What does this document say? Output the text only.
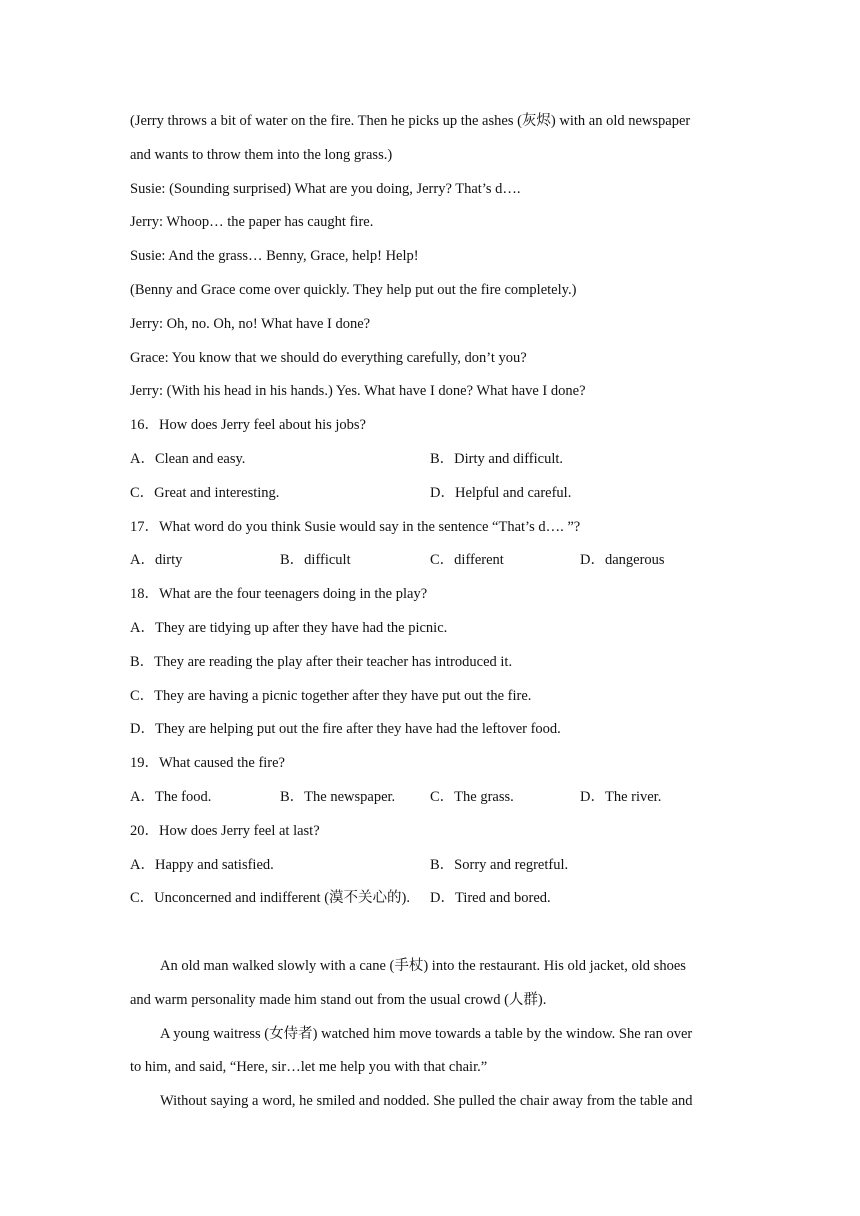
(Jerry throws a bit of water on the fire. Then he picks up the ashes (灰烬) with an old newspaper
and wants to throw them into the long grass.)
Susie: (Sounding surprised) What are you doing, Jerry? That’s d….
Jerry: Whoop… the paper has caught fire.
Susie: And the grass… Benny, Grace, help! Help!
(Benny and Grace come over quickly. They help put out the fire completely.)
Jerry: Oh, no. Oh, no! What have I done?
Grace: You know that we should do everything carefully, don’t you?
Jerry: (With his head in his hands.) Yes. What have I done? What have I done?
16．How does Jerry feel about his jobs?
A．Clean and easy.	B．Dirty and difficult.
C．Great and interesting.	D．Helpful and careful.
17．What word do you think Susie would say in the sentence “That’s d…. ”?
A．dirty	B．difficult	C．different	D．dangerous
18．What are the four teenagers doing in the play?
A．They are tidying up after they have had the picnic.
B．They are reading the play after their teacher has introduced it.
C．They are having a picnic together after they have put out the fire.
D．They are helping put out the fire after they have had the leftover food.
19．What caused the fire?
A．The food.	B．The newspaper.	C．The grass.	D．The river.
20．How does Jerry feel at last?
A．Happy and satisfied.	B．Sorry and regretful.
C．Unconcerned and indifferent (漠不关心的).	D．Tired and bored.
An old man walked slowly with a cane (手杖) into the restaurant. His old jacket, old shoes
and warm personality made him stand out from the usual crowd (人群).
A young waitress (女侍者) watched him move towards a table by the window. She ran over
to him, and said, “Here, sir…let me help you with that chair.”
Without saying a word, he smiled and nodded. She pulled the chair away from the table and
